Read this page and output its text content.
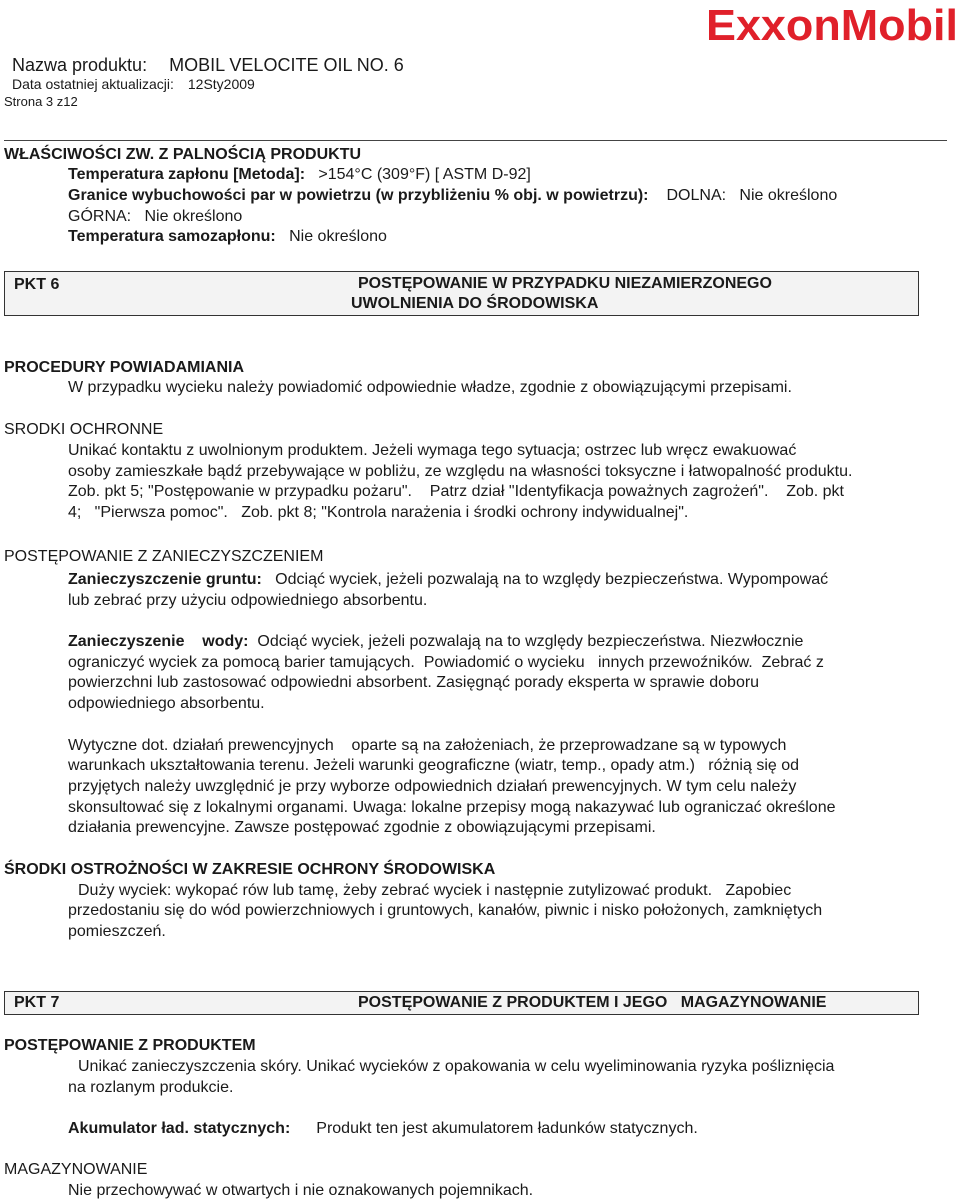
Nazwa produktu: MOBIL VELOCITE OIL NO. 6
Data ostatniej aktualizacji: 12Sty2009
Strona 3 z12
ExxonMobil
WŁAŚCIWOŚCI ZW. Z PALNOŚCIĄ PRODUKTU
Temperatura zapłonu [Metoda]: >154°C (309°F) [ ASTM D-92]
Granice wybuchowości par w powietrzu (w przybliżeniu % obj. w powietrzu): DOLNA: Nie określono
GÓRNA: Nie określono
Temperatura samozapłonu: Nie określono
PKT 6	POSTĘPOWANIE W PRZYPADKU NIEZAMIERZONEGO
UWOLNIENIA DO ŚRODOWISKA
PROCEDURY POWIADAMIANIA
W przypadku wycieku należy powiadomić odpowiednie władze, zgodnie z obowiązującymi przepisami.
SRODKI OCHRONNE
Unikać kontaktu z uwolnionym produktem. Jeżeli wymaga tego sytuacja; ostrzec lub wręcz ewakuować
osoby zamieszkałe bądź przebywające w pobliżu, ze względu na własności toksyczne i łatwopalność produktu.
Zob. pkt 5; "Postępowanie w przypadku pożaru".    Patrz dział "Identyfikacja poważnych zagrożeń".    Zob. pkt
4;   "Pierwsza pomoc".   Zob. pkt 8; "Kontrola narażenia i środki ochrony indywidualnej".
POSTĘPOWANIE Z ZANIECZYSZCZENIEM
Zanieczyszczenie gruntu: Odciąć wyciek, jeżeli pozwalają na to względy bezpieczeństwa. Wypompować
lub zebrać przy użyciu odpowiedniego absorbentu.
Zanieczyszenie    wody: Odciąć wyciek, jeżeli pozwalają na to względy bezpieczeństwa. Niezwłocznie
ograniczyć wyciek za pomocą barier tamujących.  Powiadomić o wycieku   innych przewoźników.  Zebrać z
powierzchni lub zastosować odpowiedni absorbent. Zasięgnąć porady eksperta w sprawie doboru
odpowiedniego absorbentu.
Wytyczne dot. działań prewencyjnych    oparte są na założeniach, że przeprowadzane są w typowych
warunkach ukształtowania terenu. Jeżeli warunki geograficzne (wiatr, temp., opady atm.)   różnią się od
przyjętych należy uwzględnić je przy wyborze odpowiednich działań prewencyjnych. W tym celu należy
skonsultować się z lokalnymi organami. Uwaga: lokalne przepisy mogą nakazywać lub ograniczać określone
działania prewencyjne. Zawsze postępować zgodnie z obowiązującymi przepisami.
ŚRODKI OSTROŻNOŚCI W ZAKRESIE OCHRONY ŚRODOWISKA
Duży wyciek: wykopać rów lub tamę, żeby zebrać wyciek i następnie zutylizować produkt.   Zapobiec
przedostaniu się do wód powierzchniowych i gruntowych, kanałów, piwnic i nisko położonych, zamkniętych
pomieszczeń.
PKT 7	POSTĘPOWANIE Z PRODUKTEM I JEGO   MAGAZYNOWANIE
POSTĘPOWANIE Z PRODUKTEM
Unikać zanieczyszczenia skóry. Unikać wycieków z opakowania w celu wyeliminowania ryzyka pośliznięcia
na rozlanym produkcie.
Akumulator ład. statycznych: Produkt ten jest akumulatorem ładunków statycznych.
MAGAZYNOWANIE
Nie przechowywać w otwartych i nie oznakowanych pojemnikach.
